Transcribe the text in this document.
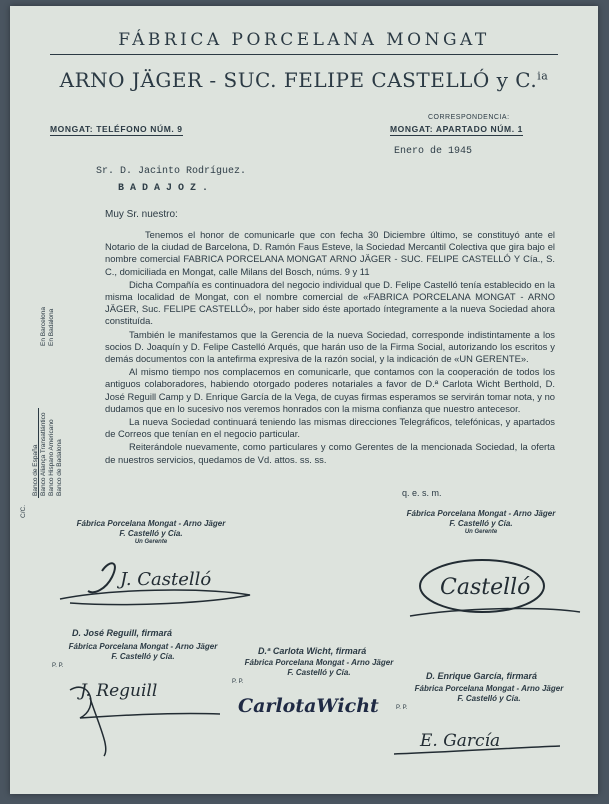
FÁBRICA PORCELANA MONGAT
ARNO JÄGER - SUC. FELIPE CASTELLÓ y C.$^{ia}$
MONGAT: TELÉFONO NÚM. 9
CORRESPONDENCIA:
MONGAT: APARTADO NÚM. 1
Enero de 1945
Sr. D. Jacinto Rodríguez.
B A D A J O Z .
Muy Sr. nuestro:

Tenemos el honor de comunicarle que con fecha 30 Diciembre último, se constituyó ante el Notario de la ciudad de Barcelona, D. Ramón Faus Esteve, la Sociedad Mercantil Colectiva que gira bajo el nombre comercial FABRICA PORCELANA MONGAT ARNO JÄGER - SUC. FELIPE CASTELLÓ Y Cía., S. C., domiciliada en Mongat, calle Milans del Bosch, núms. 9 y 11

Dicha Compañía es continuadora del negocio individual que D. Felipe Castelló tenía establecido en la misma localidad de Mongat, con el nombre comercial de «FABRICA PORCELANA MONGAT - ARNO JÄGER, Suc. FELIPE CASTELLÓ», por haber sido éste aportado íntegramente a la nueva Sociedad ahora constituída.

También le manifestamos que la Gerencia de la nueva Sociedad, corresponde indistintamente a los socios D. Joaquín y D. Felipe Castelló Arqués, que harán uso de la Firma Social, autorizando los escritos y demás documentos con la antefirma expresiva de la razón social, y la indicación de «UN GERENTE».

Al mismo tiempo nos complacemos en comunicarle, que contamos con la cooperación de todos los antiguos colaboradores, habiendo otorgado poderes notariales a favor de D.ª Carlota Wicht Berthold, D. José Reguill Camp y D. Enrique García de la Vega, de cuyas firmas esperamos se servirán tomar nota, y no dudamos que en lo sucesivo nos veremos honrados con la misma confianza que nuestro antecesor.

La nueva Sociedad continuará teniendo las mismas direcciones Telegráficos, telefónicas, y apartados de Correos que tenían en el negocio particular.

Reiterándole nuevamente, como particulares y como Gerentes de la mencionada Sociedad, la oferta de nuestros servicios, quedamos de Vd. attos. ss. ss.

q. e. s. m.
C/C.
Banco de España Banco Aliança Transatlántico Banco Hispano Americano Banco de Badalona
En Barcelona En Badalona
Fábrica Porcelana Mongat - Arno Jäger
F. Castelló y Cía.
Un Gerente
J. Castelló
Fábrica Porcelana Mongat - Arno Jäger
F. Castelló y Cía.
Un Gerente
Castelló
D. José Reguill, firmará
Fábrica Porcelana Mongat - Arno Jäger
F. Castelló y Cía.
P. P.
J. Reguill
D.ª Carlota Wicht, firmará
Fábrica Porcelana Mongat - Arno Jäger
F. Castelló y Cía.
P. P.
CarlotaWicht
D. Enrique García, firmará
Fábrica Porcelana Mongat - Arno Jäger
F. Castelló y Cía.
P. P.
E. García
